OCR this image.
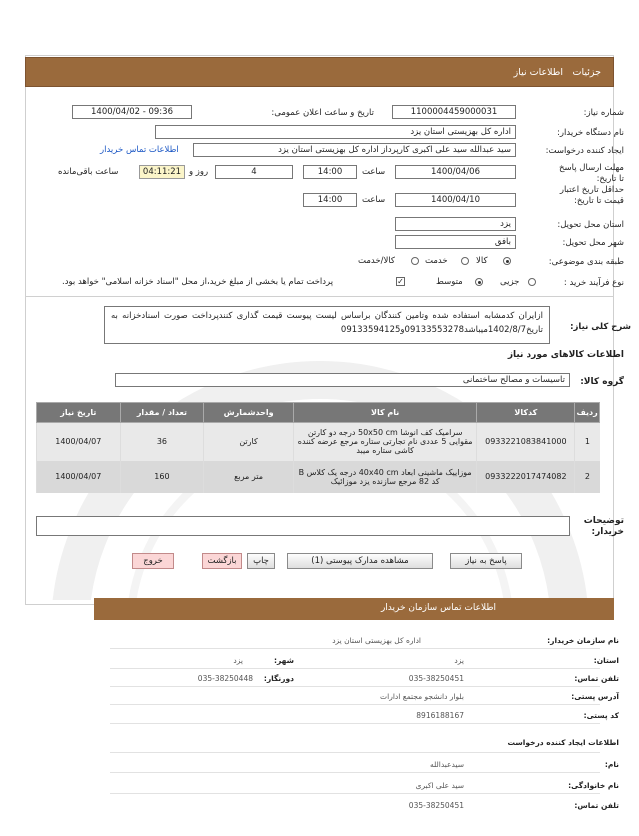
جزئیات
اطلاعات نیاز
شماره نیاز:
1100004459000031
تاریخ و ساعت اعلان عمومی:
1400/04/02 - 09:36
نام دستگاه خریدار:
اداره کل بهزیستی استان یزد
ایجاد کننده درخواست:
سید عبدالله سید علی اکبری کارپرداز اداره کل بهزیستی استان یزد
اطلاعات تماس خریدار
مهلت ارسال پاسخ تا تاریخ:
1400/04/06
ساعت
14:00
4
روز و
04:11:21
ساعت باقی‌مانده
حداقل تاریخ اعتبار قیمت تا تاریخ:
1400/04/10
ساعت
14:00
استان محل تحویل:
یزد
شهر محل تحویل:
بافق
طبقه بندی موضوعی:
کالا
خدمت
کالا/خدمت
نوع فرآیند خرید :
جزیی
متوسط
✓
پرداخت تمام یا بخشی از مبلغ خرید،از محل "اسناد خزانه اسلامی" خواهد بود.
شرح کلی نیاز:
ازایران کدمشابه استفاده شده وتامین کنندگان براساس لیست پیوست قیمت گذاری کنندپرداخت صورت اسنادخزانه به تاریخ1402/8/7میباشد09133553278و09133594125
اطلاعات کالاهای مورد نیاز
گروه کالا:
تاسیسات و مصالح ساختمانی
ردیف	کدکالا	نام کالا	واحدشمارش	تعداد / مقدار	تاریخ نیاز
1	0933221083841000	سرامیک کف انوشا 50x50 cm درجه دو کارتن مقوایی 5 عددی نام تجارتی ستاره مرجع عرضه کننده کاشی ستاره میبد	کارتن	36	1400/04/07
2	0933222017474082	موزاییک ماشینی ابعاد 40x40 cm درجه یک کلاس B کد 82 مرجع سازنده یزد موزائیک	متر مربع	160	1400/04/07
توضیحات خریدار:
پاسخ به نیاز
مشاهده مدارک پیوستی (1)
چاپ
بازگشت
خروج
اطلاعات تماس سازمان خریدار
نام سازمان خریدار:
اداره کل بهزیستی استان یزد
استان:
یزد
شهر:
یزد
تلفن تماس:
035-38250451
دورنگار:
035-38250448
آدرس پستی:
بلوار دانشجو مجتمع ادارات
کد پستی:
8916188167
اطلاعات ایجاد کننده درخواست
نام:
سیدعبدالله
نام خانوادگی:
سید علی اکبری
تلفن تماس:
035-38250451
